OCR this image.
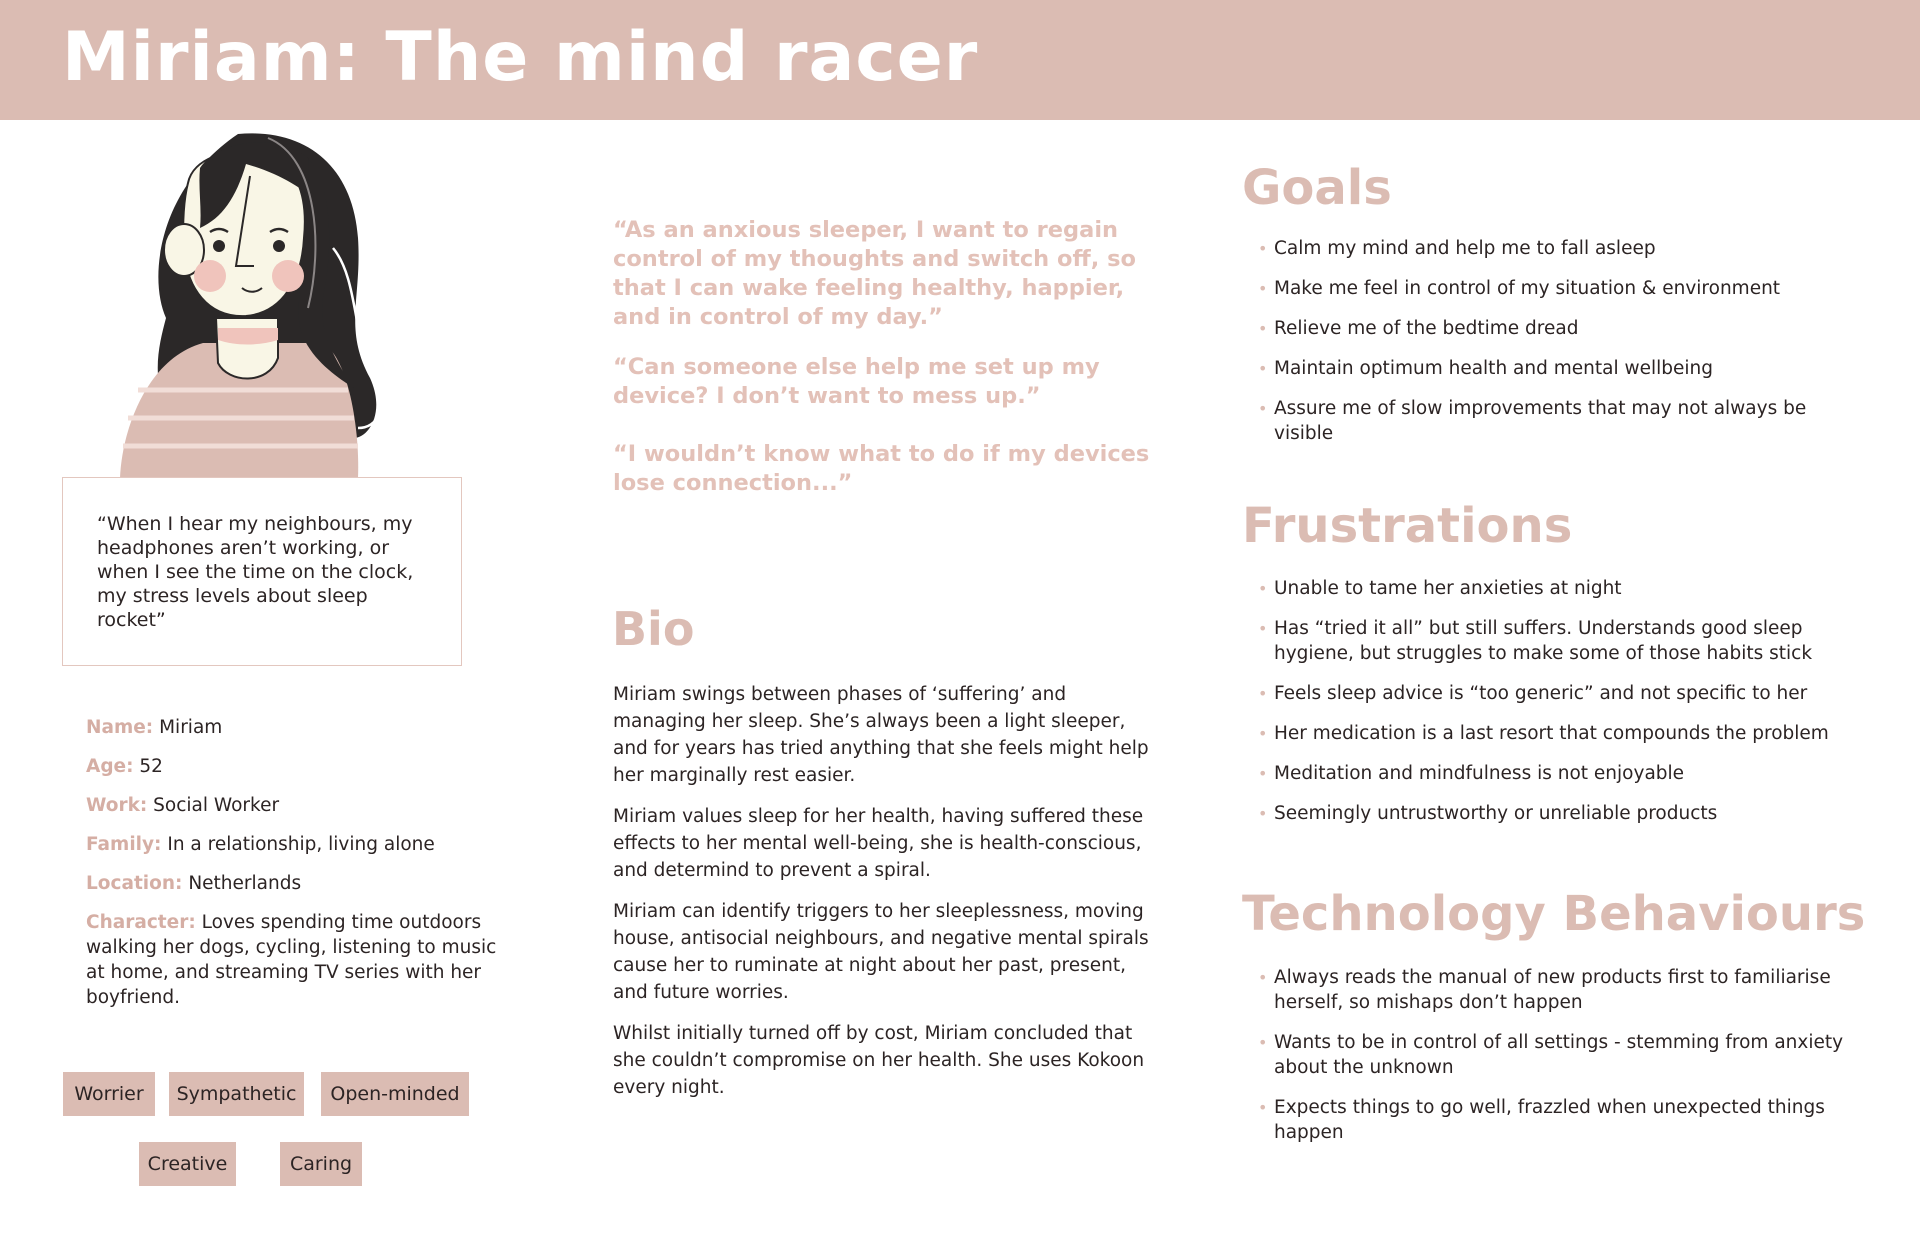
Miriam: The mind racer

“When I hear my neighbours, my headphones aren’t working, or when I see the time on the clock, my stress levels about sleep rocket”

Name: Miriam
Age: 52
Work: Social Worker
Family: In a relationship, living alone
Location: Netherlands
Character: Loves spending time outdoors walking her dogs, cycling, listening to music at home, and streaming TV series with her boyfriend.
Worrier	Sympathetic	Open-minded
Creative	Caring

“As an anxious sleeper, I want to regain control of my thoughts and switch off, so that I can wake feeling healthy, happier, and in control of my day.”

“Can someone else help me set up my device? I don’t want to mess up.”

“I wouldn’t know what to do if my devices lose connection...”

Bio

Miriam swings between phases of ‘suffering’ and managing her sleep. She’s always been a light sleeper, and for years has tried anything that she feels might help her marginally rest easier.

Miriam values sleep for her health, having suffered these effects to her mental well-being, she is health-conscious, and determind to prevent a spiral.

Miriam can identify triggers to her sleeplessness, moving house, antisocial neighbours, and negative mental spirals cause her to ruminate at night about her past, present, and future worries.

Whilst initially turned off by cost, Miriam concluded that she couldn’t compromise on her health. She uses Kokoon every night.

Goals
• Calm my mind and help me to fall asleep
• Make me feel in control of my situation & environment
• Relieve me of the bedtime dread
• Maintain optimum health and mental wellbeing
• Assure me of slow improvements that may not always be visible
Frustrations
• Unable to tame her anxieties at night
• Has “tried it all” but still suffers. Understands good sleep hygiene, but struggles to make some of those habits stick
• Feels sleep advice is “too generic” and not specific to her
• Her medication is a last resort that compounds the problem
• Meditation and mindfulness is not enjoyable
• Seemingly untrustworthy or unreliable products
Technology Behaviours
• Always reads the manual of new products first to familiarise herself, so mishaps don’t happen
• Wants to be in control of all settings - stemming from anxiety about the unknown
• Expects things to go well, frazzled when unexpected things happen
